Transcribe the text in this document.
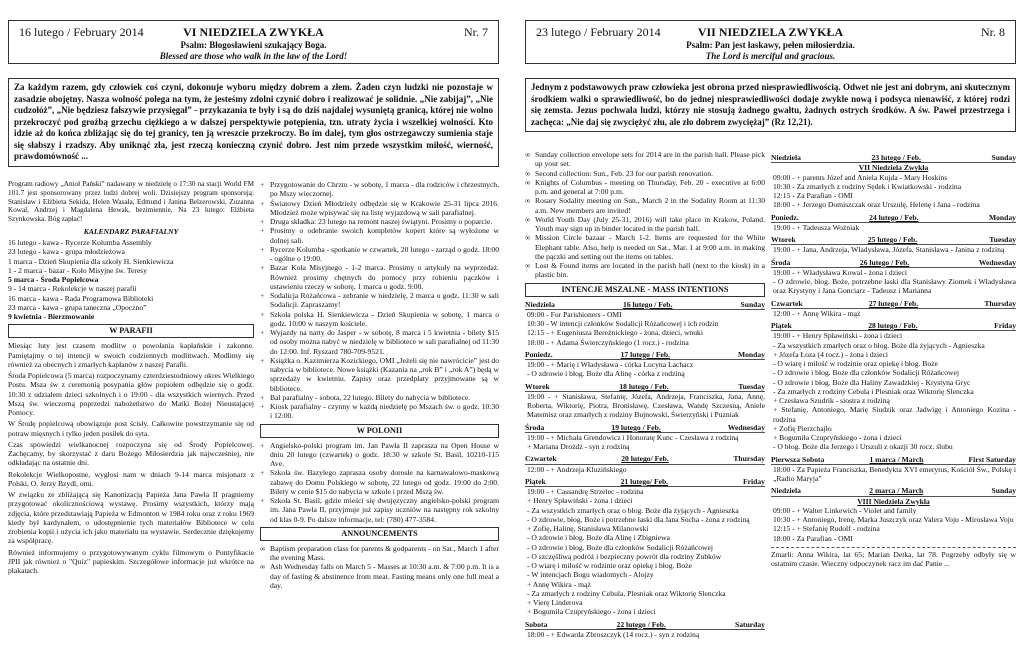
16 lutego / February 2014	VI NIEDZIELA ZWYKŁA	Nr. 7
Psalm: Błogosławieni szukający Boga.
Blessed are those who walk in the law of the Lord!
Za każdym razem, gdy człowiek coś czyni, dokonuje wyboru między dobrem a złem. Żaden czyn ludzki nie pozostaje w zasadzie obojętny. Nasza wolność polega na tym, że jesteśmy zdolni czynić dobro i realizować je solidnie. „Nie zabijaj”, „Nie cudzołóż”, „Nie będziesz fałszywie przysięgał” - przykazania te były i są do dziś najdalej wysuniętą granicą, której nie wolno przekroczyć pod groźbą grzechu ciężkiego a w dalszej perspektywie potępienia, tzn. utraty życia i wszelkiej wolności. Kto idzie aż do końca zbliżając się do tej granicy, ten ją wreszcie przekroczy. Bo im dalej, tym głos ostrzegawczy sumienia staje się słabszy i rzadszy. Aby uniknąć zła, jest rzeczą konieczną czynić dobro. Jest nim przede wszystkim miłość, wierność, prawdomówność ...

Program radiowy „Anioł Pański” nadawany w niedzielę o 17:30 na stacji World FM 101.7 jest sponsorowany przez ludzi dobrej woli. Dzisiejszy program sponsorują: Stanisław i Elżbieta Sekida, Helen Wasała, Edmund i Janina Belzerowski, Zuzanna Kowal, Andrzej i Magdalena Hewak, bezimiennie, Na 23 lutego: Elżbieta Szynkowska. Bóg zapłać!

KALENDARZ PARAFIALNY
16 lutego - kawa - Rycerze Kolumba Assembly
23 lutego - kawa - grupa młodzieżowa
1 marca - Dzień Skupienia dla szkoły H. Sienkiewicza
1 - 2 marca - bazar - Koło Misyjne św. Teresy
5 marca - Środa Popielcowa
9 - 14 marca - Rekolekcje w naszej parafii
16 marca - kawa - Rada Programowa Biblioteki
23 marca - kawa - grupa taneczna „Opoczno”
9 kwietnia - Bierzmowanie
W PARAFII

Miesiąc luty jest czasem modlitw o powołania kapłańskie i zakonne. Pamiętajmy o tej intencji w swoich codziennych modlitwach. Modlimy się również za obecnych i zmarłych kapłanów z naszej Parafii.

Środa Popielcowa (5 marca) rozpoczynamy czterdziestodniowy okres Wielkiego Postu. Msza św z ceremonią posypania głów popiołem odbędzie się o godz. 10:30 z udziałem dzieci szkolnych i o 19:00 - dla wszystkich wiernych. Przed Mszą św. wieczorną poprzedzi nabożeństwo do Matki Bożej Nieustającej Pomocy.

W Środę popielcową obowiązuje post ścisły. Całkowite powstrzymanie się od potraw mięsnych i tylko jeden posiłek do syta.

Czas spowiedzi wielkanocnej rozpoczyna się od Środy Popielcowej. Zachęcamy, by skorzystać z daru Bożego Miłosierdzia jak najwcześniej, nie odkładając na ostatnie dni.

Rekolekcje Wielkopostne, wygłosi nam w dniach 9-14 marca misjonarz z Polski, O. Jerzy Bzydl, omi.

W związku ze zbliżającą się Kanonizacją Papieża Jana Pawła II pragniemy przygotować okolicznościową wystawę. Prosimy wszystkich, którzy mają zdjęcia, które przedstawiają Papieża w Edmonton w 1984 roku oraz z roku 1969 kiedy był kardynałem, o udostępnienie tych materiałów Bibliotece w celu zrobienia kopii i użycia ich jako materiału na wystawie. Serdecznie dziękujemy za współpracę.

Również informujemy o przygotowywanym cyklu filmowym o Pontyfikacie JPII jak również o "Quiz" papieskim. Szczegółowe informacje już wkrótce na plakatach.

+ Przygotowanie do Chrztu - w sobotę, 1 marca - dla rodziców i chrzestnych, po Mszy wieczornej.
+ Światowy Dzień Młodzieży odbędzie się w Krakowie 25-31 lipca 2016. Młodzież może wpisywać się na listę wyjazdową w sali parafialnej.
+ Druga składka: 23 lutego na remont naszej świątyni. Prosimy o poparcie.
+ Prosimy o odebranie swoich kompletów kopert które są wyłożone w dolnej sali.
+ Rycerze Kolumba - spotkanie w czwartek, 20 lutego - zarząd o godz. 18:00 - ogólne o 19:00.
+ Bazar Koła Misyjnego - 1-2 marca. Prosimy o artykuły na wyprzedaż. Również prosimy chętnych do pomocy przy robieniu pączków i ustawieniu rzeczy w sobotę, 1 marca o godz. 9:00.
+ Sodalicja Różańcowa - zebranie w niedzielę, 2 marca o godz. 11:30 w sali Sodalicji. Zapraszamy!
+ Szkoła polska H. Sienkiewicza - Dzień Skupienia w sobotę, 1 marca o godz. 10:00 w naszym kościele.
+ Wyjazdy na narty do Jasper - w sobotę, 8 marca i 5 kwietnia - bilety $15 od osoby można nabyć w niedzielę w bibliotece w sali parafialnej od 11:30 do 12:00. Inf. Ryszard 780-709-9521.
+ Książka o. Kazimierza Kozickiego, OMI „Jeżeli się nie nawrócicie” jest do nabycia w bibliotece. Nowe książki (Kazania na „rok B” i „rok A”) będą w sprzedaży w kwietniu. Zapisy oraz przedpłaty przyjmowane są w bibliotece.
+ Bal parafialny - sobota, 22 lutego. Bilety do nabycia w bibliotece.
+ Kiosk parafialny - czynny w każdą niedzielę po Mszach św. o godz. 10:30 i 12:00.
W POLONII
+ Angielsko-polski program im. Jan Pawła II zaprasza na Open House w dniu 20 lutego (czwartek) o godz. 18:30 w szkole St. Basil, 10210-115 Ave.
+ Szkoła św. Bazylego zaprasza osoby dorosłe na karnawałowo-maskową zabawę do Domu Polskiego w sobotę, 22 lutego od godz. 19:00 do 2:00. Bilety w cenie $15 do nabycia w szkole i przed Mszą św.
+ Szkoła St. Basil, gdzie mieści się dwujęzyczny angielsko-polski program im. Jana Pawła II, przyjmuje już zapisy uczniów na następny rok szkolny od klas 0-9. Po dalsze informacje, tel: (780) 477-3584.
ANNOUNCEMENTS
∞ Baptism preparation class for parents & godparents - on Sat., March 1 after the evening Mass.
∞ Ash Wednesday falls on March 5 - Masses at 10:30 a.m. & 7:00 p.m. It is a day of fasting & abstinence from meat. Fasting means only one full meal a day.
23 lutego / February 2014	VII NIEDZIELA ZWYKŁA	Nr. 8
Psalm: Pan jest łaskawy, pełen miłosierdzia.
The Lord is merciful and gracious.
Jednym z podstawowych praw człowieka jest obrona przed niesprawiedliwością. Odwet nie jest ani dobrym, ani skutecznym środkiem walki o sprawiedliwość, bo do jednej niesprawiedliwości dodaje zwykle nową i podsyca nienawiść, z której rodzi się zemsta. Jezus pochwala ludzi, którzy nie stosują żadnego gwałtu, żadnych ostrych środków. A św. Paweł przestrzega i zachęca: „Nie daj się zwyciężyć złu, ale zło dobrem zwyciężaj” (Rz 12,21).
∞ Sunday collection envelope sets for 2014 are in the parish hall. Please pick up your set.
∞ Second collection: Sun., Feb. 23 for our parish renovation.
∞ Knights of Columbus - meeting on Thursday, Feb. 20 - executive at 6:00 p.m. and general at 7:00 p.m.
∞ Rosary Sodality meeting on Sun., March 2 in the Sodality Room at 11:30 a.m. New members are invited!
∞ World Youth Day (July 25-31, 2016) will take place in Krakow, Poland. Youth may sign up in binder located in the parish hall.
∞ Mission Circle bazaar - March 1-2. Items are requested for the White Elephant table. Also, help is needed on Sat., Mar. 1 at 9:00 a.m. in making the pączki and setting out the items on tables.
∞ Lost & Found items are located in the parish hall (next to the kiosk) in a plastic bin.
INTENCJE MSZALNE - MASS INTENTIONS
Niedziela	16 lutego / Feb.	Sunday
09:00 - For Parishioners - OMI
10:30 - W intencji członków Sodalicji Różańcowej i ich rodzin
12:15 - + Eugeniusza Bereźnickiego - żona, dzieci, wnuki
18:00 - + Adama Świerczyńskiego (1 rocz.) - rodzina
Poniedz.	17 lutego / Feb.	Monday
19:00 - + Marię i Władysława - córka Lucyna Lachacz
- O zdrowie i błog. Boże dla Alinę - córka z rodziną
Wtorek	18 lutego / Feb.	Tuesday
19:00 - + Stanisława, Stefanię, Józefa, Andrzeja, Franciszka, Jana, Annę, Roberta, Wiktorię, Piotra, Bronisławę, Czesława, Wandę Szczesną, Aniele Matemisz oraz zmarłych z rodziny Bujnowski, Świerzyński i Puzniak
Środa	19 lutego / Feb.	Wednesday
19:00 - + Michała Grendowicz i Honoratę Kunc - Czesława z rodziną
+ Mariana Drożdż - syn z rodziną
Czwartek	20 lutego/ Feb.	Thursday
12:00 - + Andrzeja Kluzińskiego
Piątek	21 lutego/ Feb.	Friday
19:00 - + Cassandrę Strzelec - rodzina
+ Henry Spławiński - żona i dzieci
- Za wszystkich zmarłych oraz o błog. Boże dla żyjących - Agnieszka
- O zdrowie, błog. Boże i potrzebne łaski dla Jana Socha - żona z rodziną
+ Zofię, Halinę, Stanisława Milanowski
- O zdrowie i błog. Boże dla Alinę i Zbigniewa
- O zdrowie i błog. Boże dla członków Sodalicji Różańcowej
- O szczęśliwą podróż i bezpieczny powrót dla rodziny Zubków
- O wiarę i miłość w rodzinie oraz opiekę i błog. Boże
- W intencjach Bogu wiadomych - Alojzy
+ Annę Wikira - mąż
- Za zmarłych z rodziny Cebula, Plesniak oraz Wiktorię Slenczka
+ Vierę Linderova
+ Bogumiła Czupryńskiego - żona i dzieci
Sobota	22 lutego / Feb.	Saturday
18:00 - + Edwarda Zbroszczyk (14 rocz.) - syn z rodziną
Niedziela	23 lutego / Feb.	Sunday
VII Niedziela Zwykła
09:00 - + parents Józef and Aniela Kujda - Mary Hoskins
10:30 - Za zmarłych z rodziny Sędek i Kwiatkowski - rodzina
12:15 - Za Parafian - OMI
18:00 - + Jerzego Domiszczak oraz Urszulę, Helenę i Jana - rodzina
Poniedz.	24 lutego / Feb.	Monday
19:00 - + Tadeusza Woźniak
Wtorek	25 lutego / Feb.	Tuesday
19:00 - + Jana, Andrzeja, Władysława, Józefa, Stanisława - Janina z rodziną
Środa	26 lutego / Feb.	Wednesday
19:00 - + Władysława Kowal - żona i dzieci
- O zdrowie, błog. Boże, potrzebne łaski dla Stanisławy Ziomek i Władysława oraz Krystyny i Jana Gonciarz - Tadeusz i Marianna
Czwartek	27 lutego / Feb.	Thursday
12:00 - + Annę Wikira - mąż
Piątek	28 lutego / Feb.	Friday
19:00 - + Henry Spławiński - żona i dzieci
- Za wszystkich zmarłych oraz o błog. Boże dla żyjących - Agnieszka
+ Józefa Łoza (4 rocz.) - żona i dzieci
- O wiarę i miłość w rodzinie oraz opiekę i błog. Boże
- O zdrowie i błog. Boże dla członków Sodalicji Różańcowej
- O zdrowie i błog. Boże dla Haliny Zawadzkiej - Krystyna Gryc
- Za zmarłych z rodziny Cebula i Plesniak oraz Wiktorię Slenczka
+ Czesława Szudrik - siostra z rodziną
+ Stefanię, Antoniego, Marię Siudzik oraz Jadwigę i Antoniego Kozina - rodzina
+ Zofię Pierzchajło
+ Bogumiła Czupryńskiego - żona i dzieci
- O błog. Boże dla Jerzego i Urszuli z okazji 30 rocz. ślubu
Pierwsza Sobota	1 marca / March	First Saturday
18:00 - Za Papieża Franciszka, Benedykta XVI emerytus, Kościół Św., Polskę i „Radio Maryja”
Niedziela	2 marca / March	Sunday
VIII Niedziela Zwykła
09:00 - + Walter Linkewich - Violet and family
10:30 - + Antoniego, Irenę, Marka Juszczyk oraz Valera Voju - Mirosława Voju
12:15 - + Stefanię Rudolf - rodzina
18:00 - Za Parafian - OMI

Zmarli: Anna Wikira, lat 65; Marian Detka, lat 78. Pogrzeby odbyły się w ostatnim czasie. Wieczny odpoczynek racz im dać Panie ...
